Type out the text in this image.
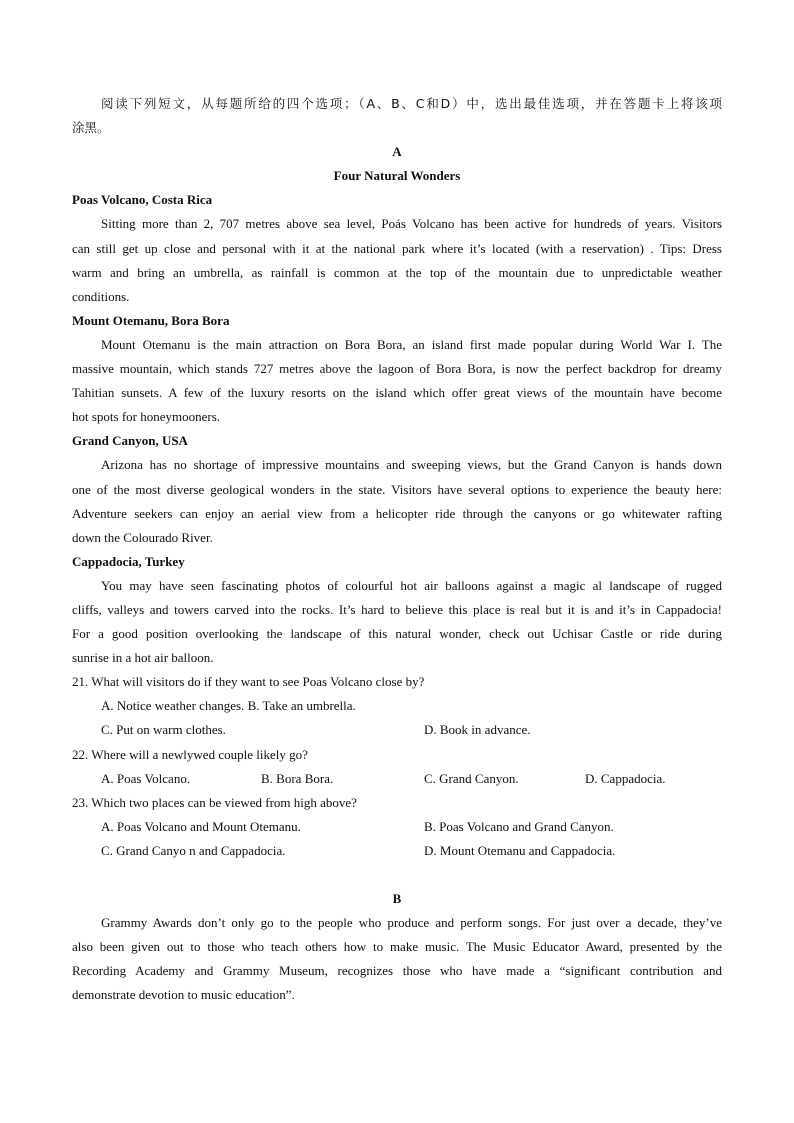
阅读下列短文，从每题所给的四个选项；（A、B、C和D）中，选出最佳选项，并在答题卡上将该项
涂黑。
A
Four Natural Wonders
Poas Volcano, Costa Rica
Sitting more than 2, 707 metres above sea level, Poás Volcano has been active for hundreds of years. Visitors
can still get up close and personal with it at the national park where it’s located (with a reservation) . Tips: Dress
warm and bring an umbrella, as rainfall is common at the top of the mountain due to unpredictable weather
conditions.
Mount Otemanu, Bora Bora
Mount Otemanu is the main attraction on Bora Bora, an island first made popular during World War I. The
massive mountain, which stands 727 metres above the lagoon of Bora Bora, is now the perfect backdrop for dreamy
Tahitian sunsets. A few of the luxury resorts on the island which offer great views of the mountain have become
hot spots for honeymooners.
Grand Canyon, USA
Arizona has no shortage of impressive mountains and sweeping views, but the Grand Canyon is hands down
one of the most diverse geological wonders in the state. Visitors have several options to experience the beauty here:
Adventure seekers can enjoy an aerial view from a helicopter ride through the canyons or go whitewater rafting
down the Colourado River.
Cappadocia, Turkey
You may have seen fascinating photos of colourful hot air balloons against a magic al landscape of rugged
cliffs, valleys and towers carved into the rocks. It’s hard to believe this place is real but it is and it’s in Cappadocia!
For a good position overlooking the landscape of this natural wonder, check out Uchisar Castle or ride during
sunrise in a hot air balloon.
21. What will visitors do if they want to see Poas Volcano close by?
A. Notice weather changes. B. Take an umbrella.
C. Put on warm clothes.	D. Book in advance.
22. Where will a newlywed couple likely go?
A. Poas Volcano.	B. Bora Bora.	C. Grand Canyon.	D. Cappadocia.
23. Which two places can be viewed from high above?
A. Poas Volcano and Mount Otemanu.	B. Poas Volcano and Grand Canyon.
C. Grand Canyo n and Cappadocia.	D. Mount Otemanu and Cappadocia.
B
Grammy Awards don’t only go to the people who produce and perform songs. For just over a decade, they’ve
also been given out to those who teach others how to make music. The Music Educator Award, presented by the
Recording Academy and Grammy Museum, recognizes those who have made a “significant contribution and
demonstrate devotion to music education”.
